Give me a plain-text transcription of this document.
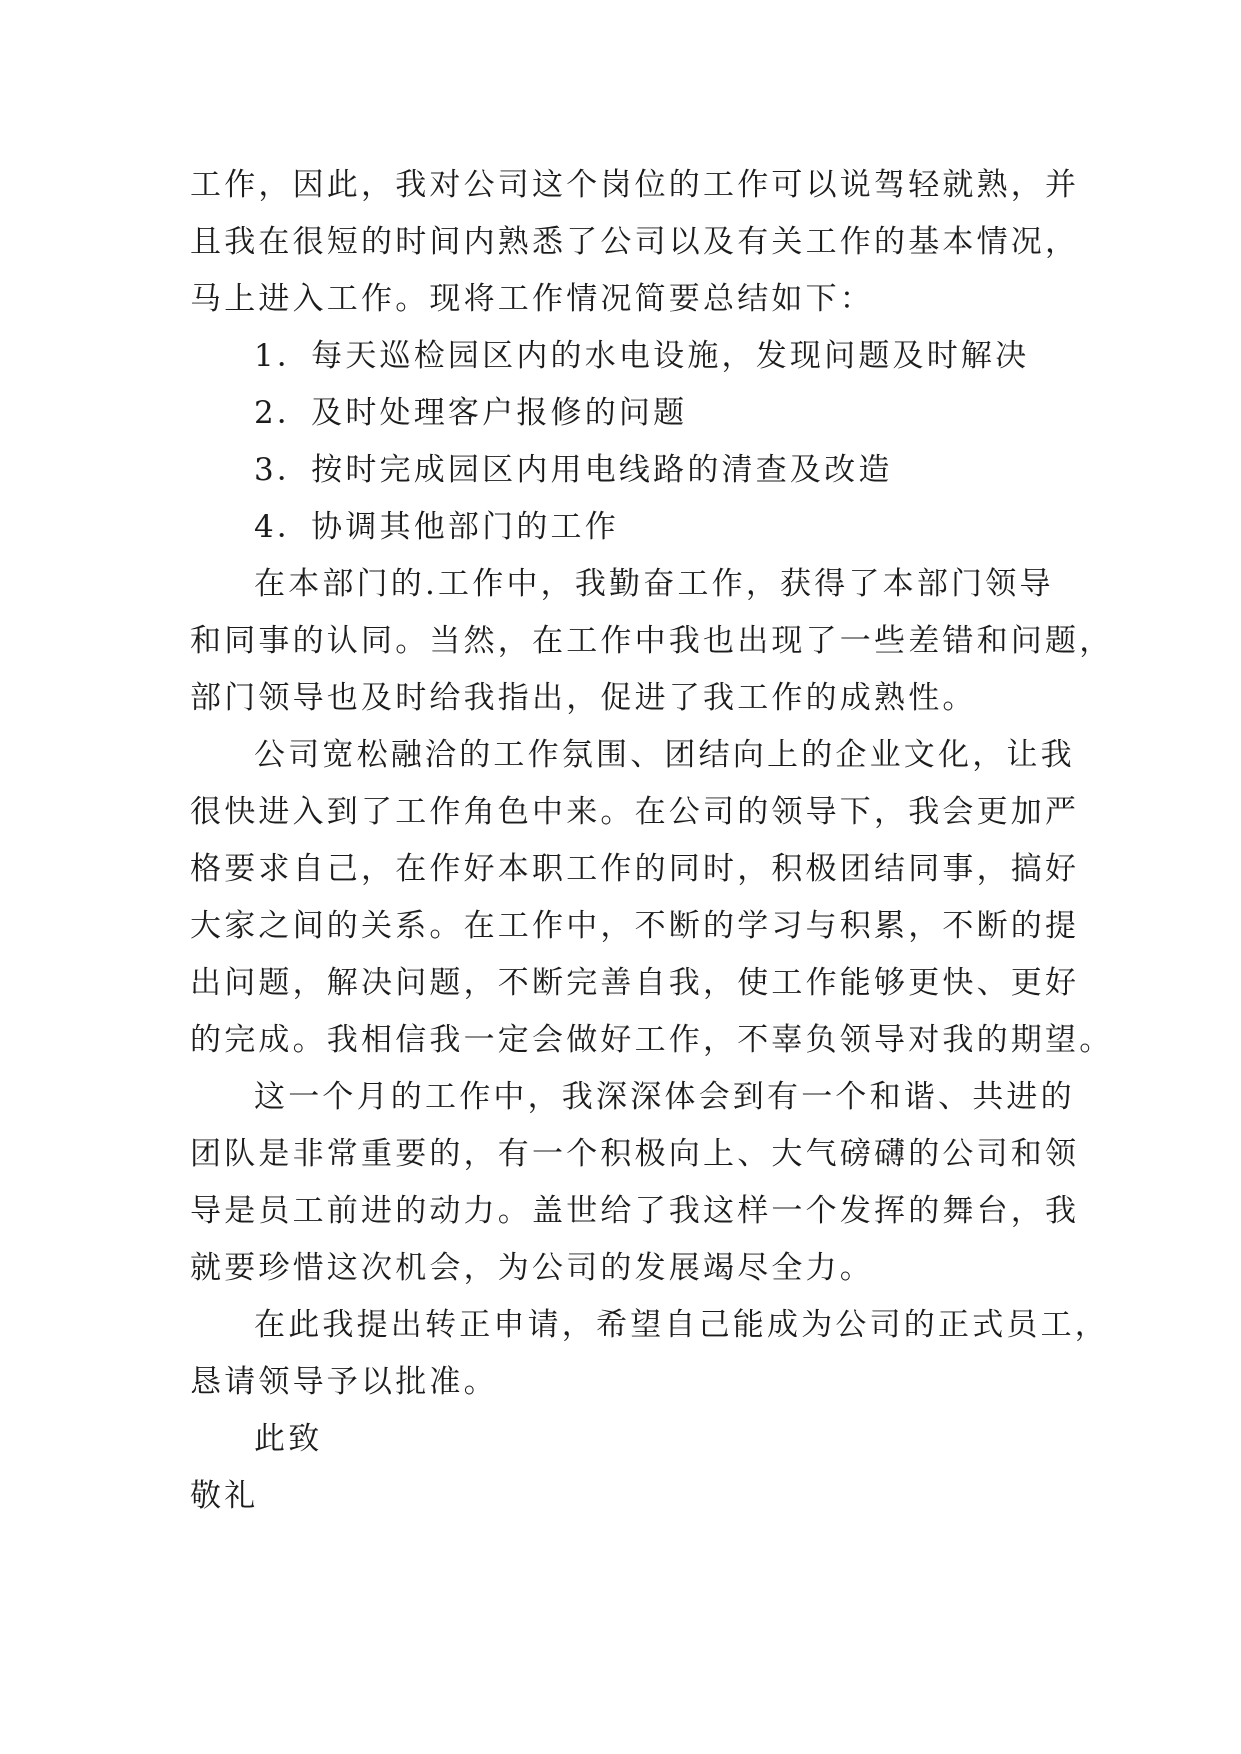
工作，因此，我对公司这个岗位的工作可以说驾轻就熟，并
且我在很短的时间内熟悉了公司以及有关工作的基本情况，
马上进入工作。现将工作情况简要总结如下：
1．每天巡检园区内的水电设施，发现问题及时解决
2．及时处理客户报修的问题
3．按时完成园区内用电线路的清查及改造
4．协调其他部门的工作
在本部门的.工作中，我勤奋工作，获得了本部门领导
和同事的认同。当然，在工作中我也出现了一些差错和问题，
部门领导也及时给我指出，促进了我工作的成熟性。
公司宽松融洽的工作氛围、团结向上的企业文化，让我
很快进入到了工作角色中来。在公司的领导下，我会更加严
格要求自己，在作好本职工作的同时，积极团结同事，搞好
大家之间的关系。在工作中，不断的学习与积累，不断的提
出问题，解决问题，不断完善自我，使工作能够更快、更好
的完成。我相信我一定会做好工作，不辜负领导对我的期望。
这一个月的工作中，我深深体会到有一个和谐、共进的
团队是非常重要的，有一个积极向上、大气磅礴的公司和领
导是员工前进的动力。盖世给了我这样一个发挥的舞台，我
就要珍惜这次机会，为公司的发展竭尽全力。
在此我提出转正申请，希望自己能成为公司的正式员工，
恳请领导予以批准。
此致
敬礼
